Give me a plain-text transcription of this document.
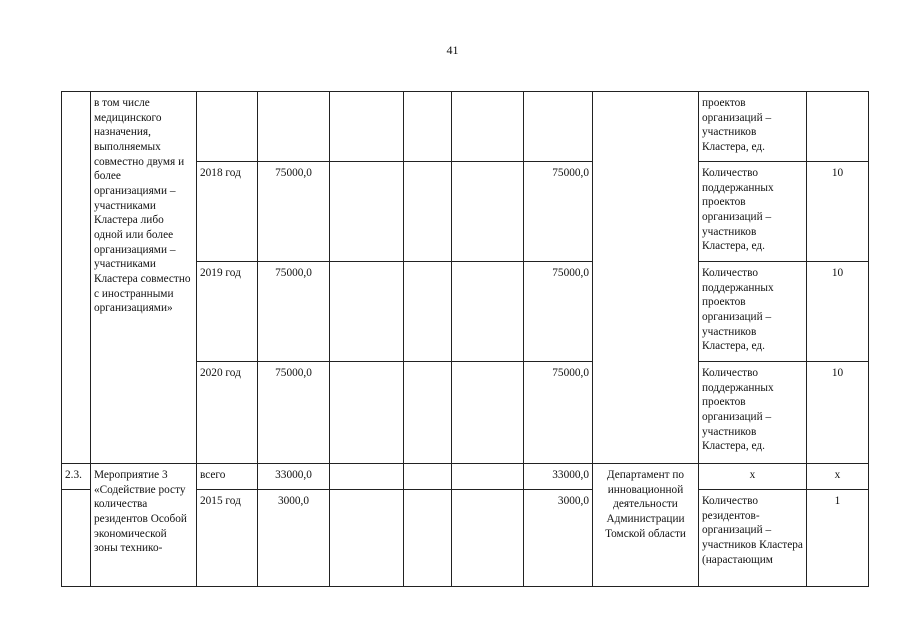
41
	в том числе медицинского назначения, выполняемых совместно двумя и более организациями – участниками Кластера либо одной или более организациями – участниками Кластера совместно с иностранными организациями»								проектов организаций – участников Кластера, ед.	
		2018 год	75000,0				75000,0		Количество поддержанных проектов организаций – участников Кластера, ед.	10
		2019 год	75000,0				75000,0		Количество поддержанных проектов организаций – участников Кластера, ед.	10
		2020 год	75000,0				75000,0		Количество поддержанных проектов организаций – участников Кластера, ед.	10
2.3.	Мероприятие 3 «Содействие росту количества резидентов Особой экономической зоны технико-	всего	33000,0				33000,0	Департамент по инновационной деятельности Администрации Томской области	х	х
		2015 год	3000,0				3000,0		Количество резидентов-организаций – участников Кластера (нарастающим	1
